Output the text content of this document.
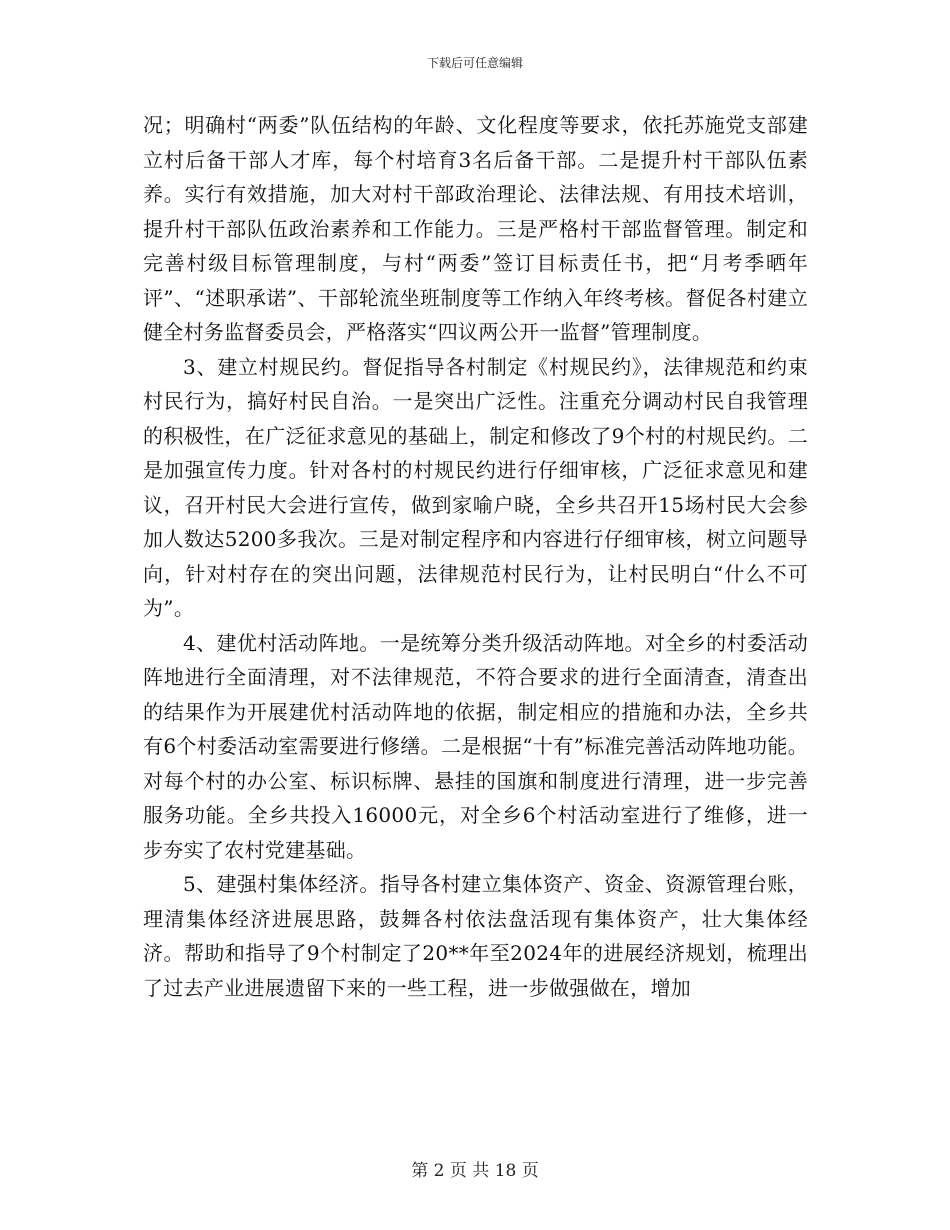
下载后可任意编辑

况；明确村“两委”队伍结构的年龄、文化程度等要求，依托苏施党支部建立村后备干部人才库，每个村培育3名后备干部。二是提升村干部队伍素养。实行有效措施，加大对村干部政治理论、法律法规、有用技术培训，提升村干部队伍政治素养和工作能力。三是严格村干部监督管理。制定和完善村级目标管理制度，与村“两委”签订目标责任书，把“月考季晒年评”、“述职承诺”、干部轮流坐班制度等工作纳入年终考核。督促各村建立健全村务监督委员会，严格落实“四议两公开一监督”管理制度。

3、建立村规民约。督促指导各村制定《村规民约》，法律规范和约束村民行为，搞好村民自治。一是突出广泛性。注重充分调动村民自我管理的积极性，在广泛征求意见的基础上，制定和修改了9个村的村规民约。二是加强宣传力度。针对各村的村规民约进行仔细审核，广泛征求意见和建议，召开村民大会进行宣传，做到家喻户晓，全乡共召开15场村民大会参加人数达5200多我次。三是对制定程序和内容进行仔细审核，树立问题导向，针对村存在的突出问题，法律规范村民行为，让村民明白“什么不可为”。

4、建优村活动阵地。一是统筹分类升级活动阵地。对全乡的村委活动阵地进行全面清理，对不法律规范，不符合要求的进行全面清查，清查出的结果作为开展建优村活动阵地的依据，制定相应的措施和办法，全乡共有6个村委活动室需要进行修缮。二是根据“十有”标准完善活动阵地功能。对每个村的办公室、标识标牌、悬挂的国旗和制度进行清理，进一步完善服务功能。全乡共投入16000元，对全乡6个村活动室进行了维修，进一步夯实了农村党建基础。

5、建强村集体经济。指导各村建立集体资产、资金、资源管理台账，理清集体经济进展思路，鼓舞各村依法盘活现有集体资产，壮大集体经济。帮助和指导了9个村制定了20**年至2024年的进展经济规划，梳理出了过去产业进展遗留下来的一些工程，进一步做强做在，增加

第 2 页 共 18 页
